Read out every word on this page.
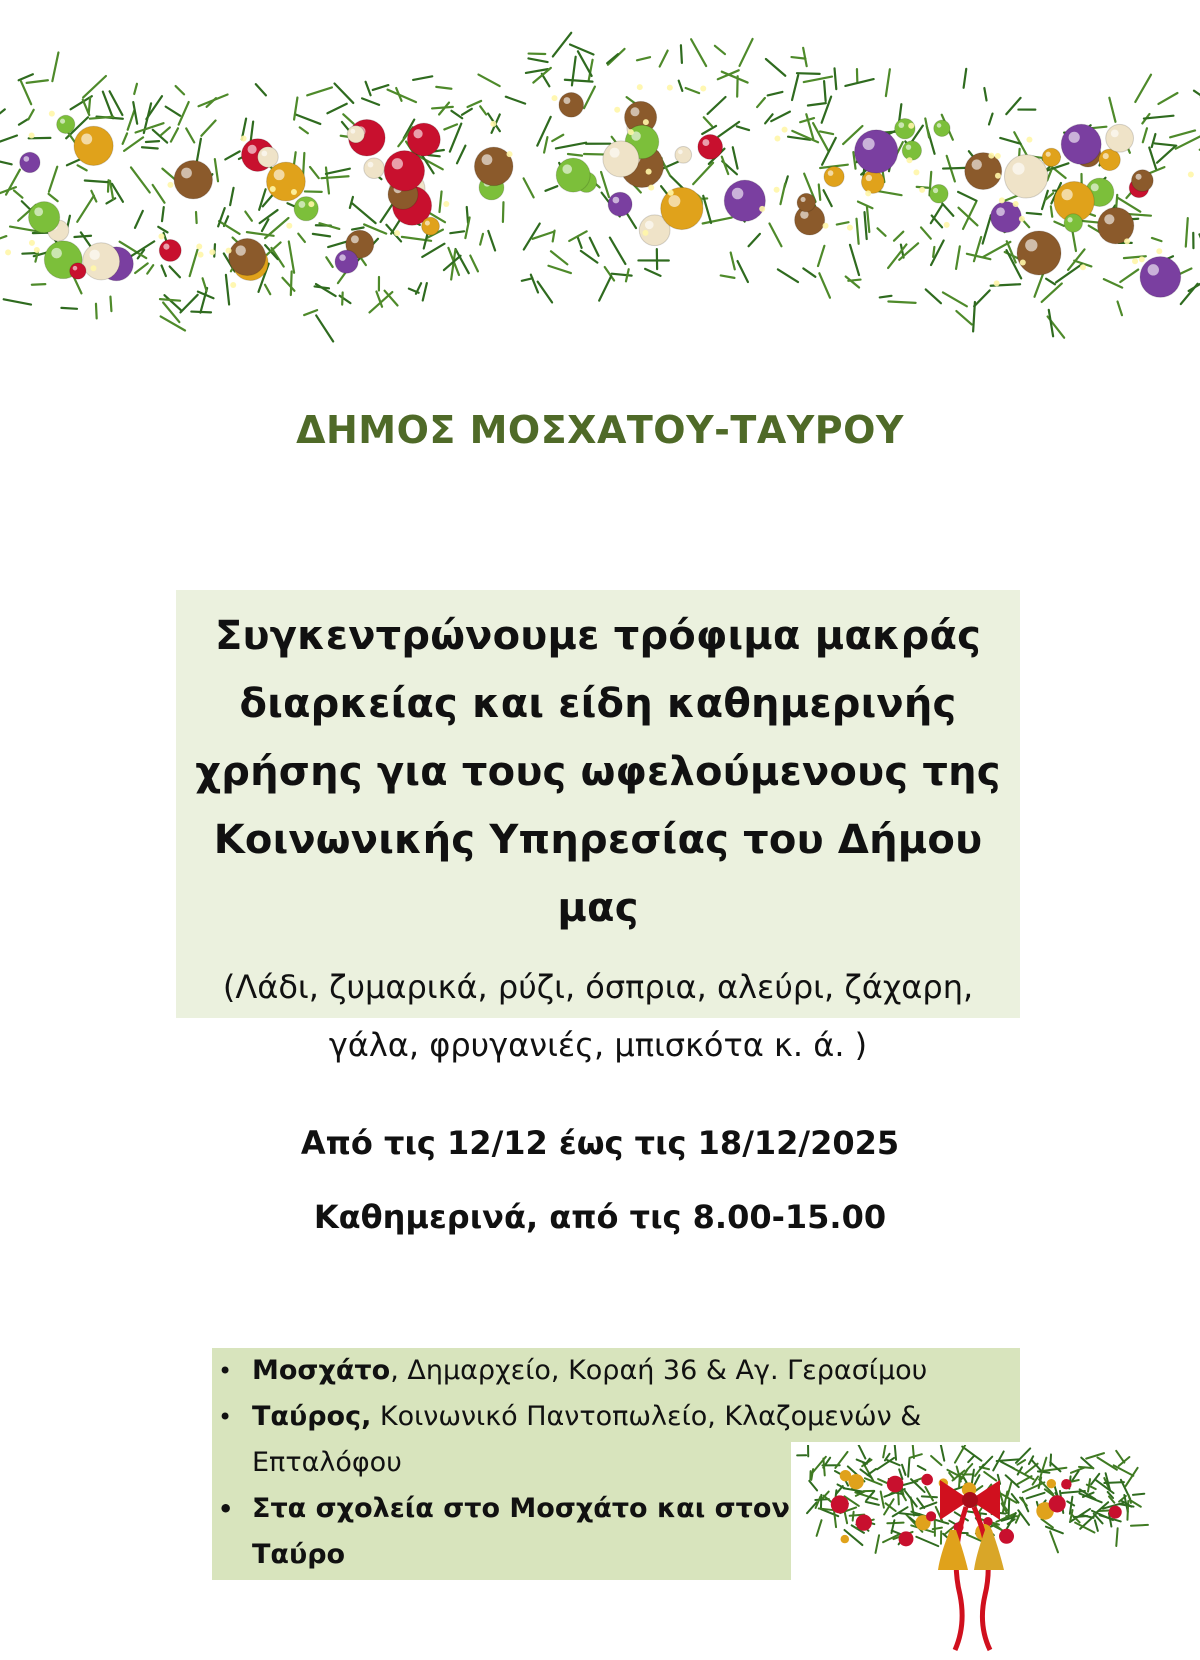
ΔΗΜΟΣ ΜΟΣΧΑΤΟΥ-ΤΑΥΡΟΥ
Συγκεντρώνουμε τρόφιμα μακράς
διαρκείας και είδη καθημερινής
χρήσης για τους ωφελούμενους της
Κοινωνικής Υπηρεσίας του Δήμου μας
(Λάδι, ζυμαρικά, ρύζι, όσπρια, αλεύρι, ζάχαρη,
γάλα, φρυγανιές, μπισκότα κ. ά. )
Από τις 12/12 έως τις 18/12/2025
Καθημερινά, από τις 8.00-15.00
• Μοσχάτο, Δημαρχείο, Κοραή 36 & Αγ. Γερασίμου
• Ταύρος, Κοινωνικό Παντοπωλείο, Κλαζομενών & Επταλόφου
• Στα σχολεία στο Μοσχάτο και στον Ταύρο
